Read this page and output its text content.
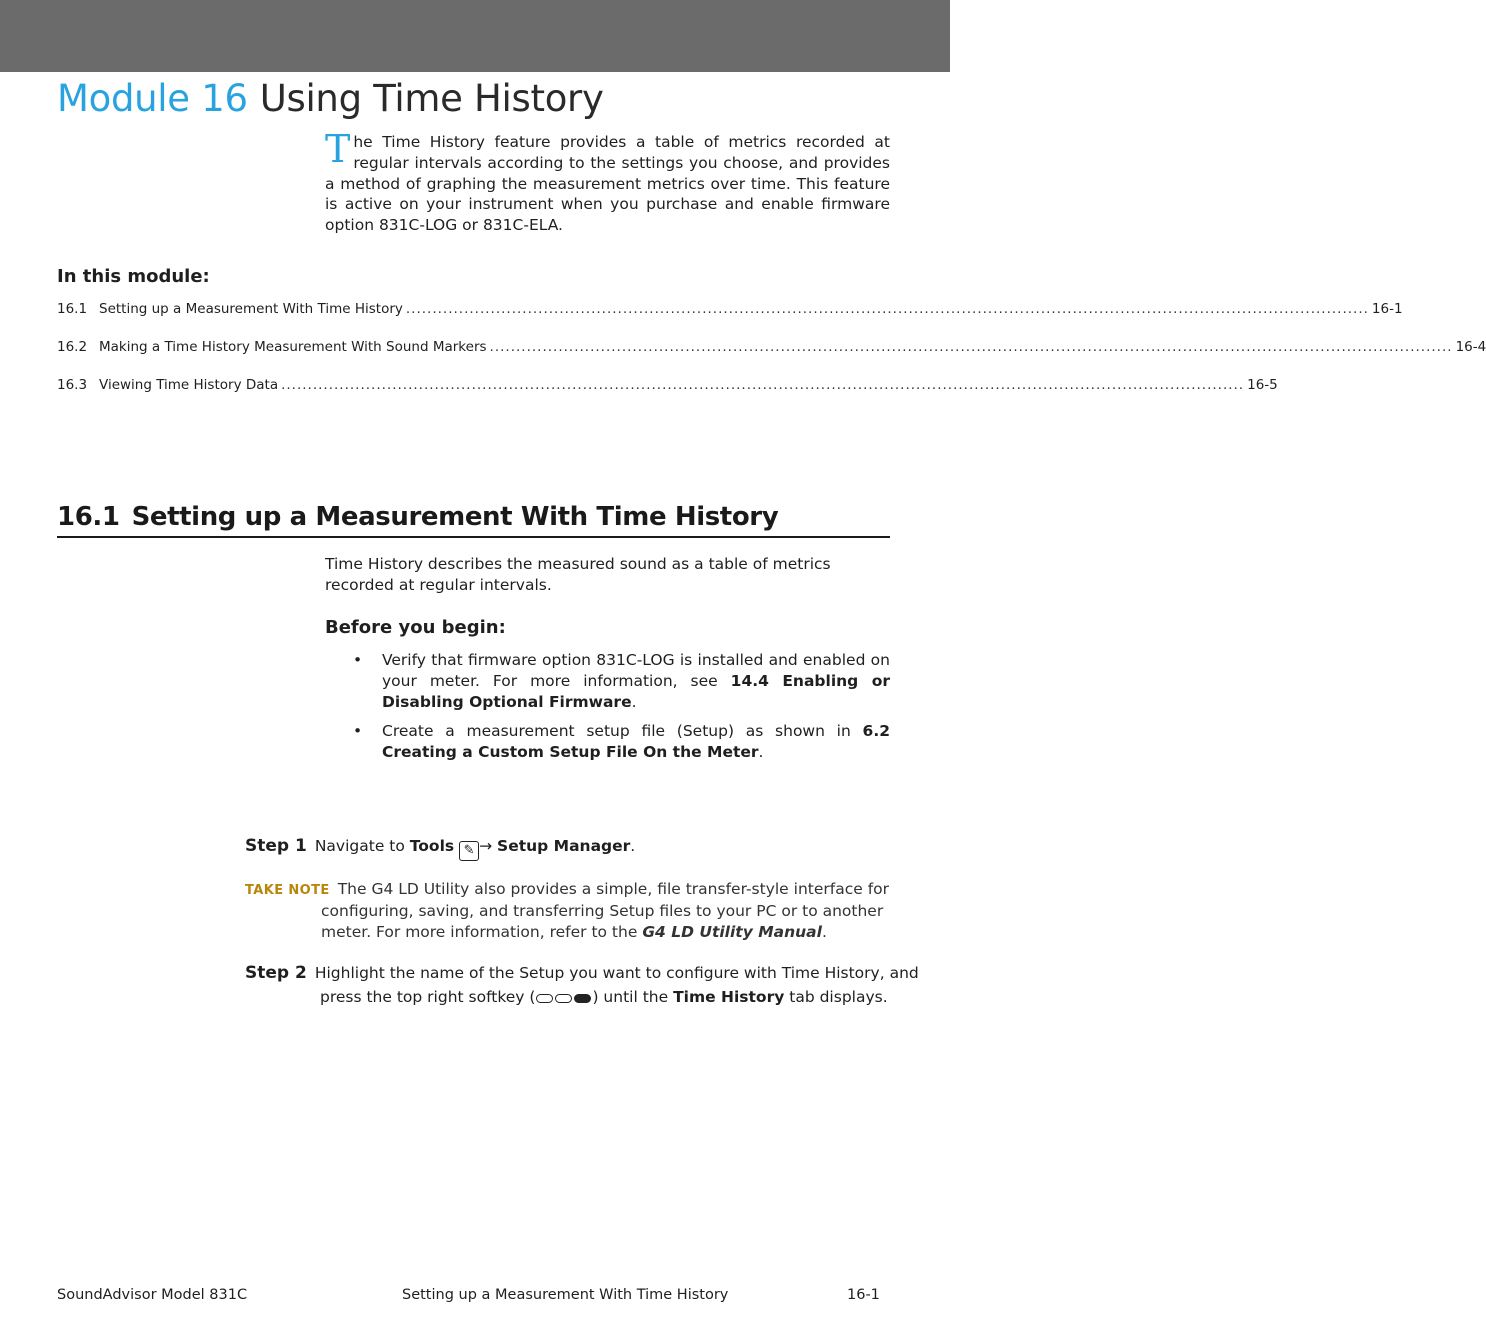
Module 16 Using Time History
The Time History feature provides a table of metrics recorded at regular intervals according to the settings you choose, and provides a method of graphing the measurement metrics over time. This feature is active on your instrument when you purchase and enable firmware option 831C-LOG or 831C-ELA.
In this module:
16.1 Setting up a Measurement With Time History ...................................................................................................................................................................................... 16-1
16.2 Making a Time History Measurement With Sound Markers ...................................................................................................................................................................................... 16-4
16.3 Viewing Time History Data ...................................................................................................................................................................................... 16-5
16.1 Setting up a Measurement With Time History
Time History describes the measured sound as a table of metrics recorded at regular intervals.
Before you begin:
• Verify that firmware option 831C-LOG is installed and enabled on your meter. For more information, see 14.4 Enabling or Disabling Optional Firmware.
• Create a measurement setup file (Setup) as shown in 6.2 Creating a Custom Setup File On the Meter.
Step 1 Navigate to Tools ✎ → Setup Manager.
TAKE NOTE The G4 LD Utility also provides a simple, file transfer-style interface for
configuring, saving, and transferring Setup files to your PC or to another meter. For more information, refer to the G4 LD Utility Manual.
Step 2 Highlight the name of the Setup you want to configure with Time History, and
press the top right softkey (	) until the Time History tab displays.
SoundAdvisor Model 831C	Setting up a Measurement With Time History	16-1
